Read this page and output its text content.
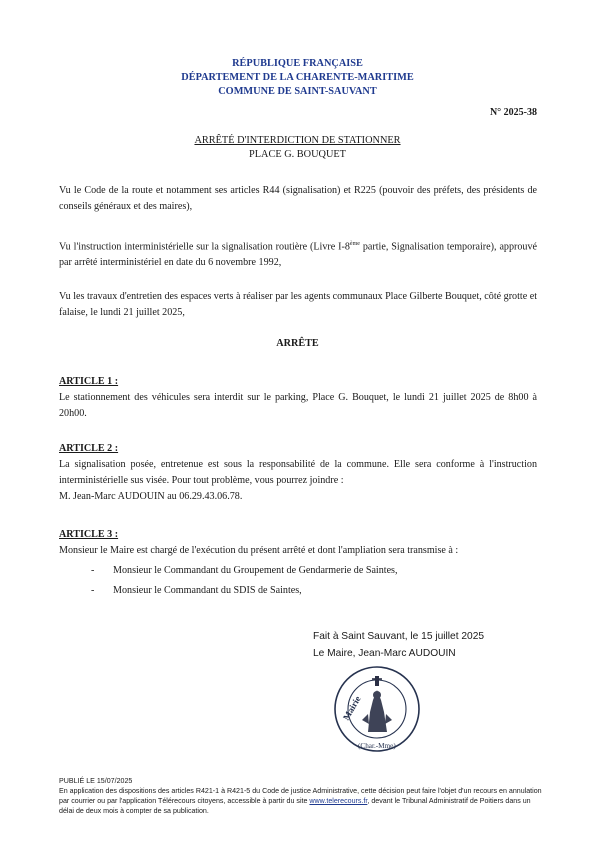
RÉPUBLIQUE FRANÇAISE
DÉPARTEMENT DE LA CHARENTE-MARITIME
COMMUNE DE SAINT-SAUVANT
N° 2025-38
ARRÊTÉ D'INTERDICTION DE STATIONNER
PLACE G. BOUQUET
Vu le Code de la route et notamment ses articles R44 (signalisation) et R225 (pouvoir des préfets, des présidents de conseils généraux et des maires),
Vu l'instruction interministérielle sur la signalisation routière (Livre I-8ème partie, Signalisation temporaire), approuvé par arrêté interministériel en date du 6 novembre 1992,
Vu les travaux d'entretien des espaces verts à réaliser par les agents communaux Place Gilberte Bouquet, côté grotte et falaise, le lundi 21 juillet 2025,
ARRÊTE
ARTICLE 1 :
Le stationnement des véhicules sera interdit sur le parking, Place G. Bouquet, le lundi 21 juillet 2025 de 8h00 à 20h00.
ARTICLE 2 :
La signalisation posée, entretenue est sous la responsabilité de la commune. Elle sera conforme à l'instruction interministérielle sus visée. Pour tout problème, vous pourrez joindre :
M. Jean-Marc AUDOUIN au 06.29.43.06.78.
ARTICLE 3 :
Monsieur le Maire est chargé de l'exécution du présent arrêté et dont l'ampliation sera transmise à :
- Monsieur le Commandant du Groupement de Gendarmerie de Saintes,
- Monsieur le Commandant du SDIS de Saintes,
Fait à Saint Sauvant, le 15 juillet 2025
Le Maire, Jean-Marc AUDOUIN
Mairie
(Char.-Mme)
PUBLIÉ LE 15/07/2025
En application des dispositions des articles R421-1 à R421-5 du Code de justice Administrative, cette décision peut faire l'objet d'un recours en annulation par courrier ou par l'application Télérecours citoyens, accessible à partir du site www.telerecours.fr, devant le Tribunal Administratif de Poitiers dans un délai de deux mois à compter de sa publication.
